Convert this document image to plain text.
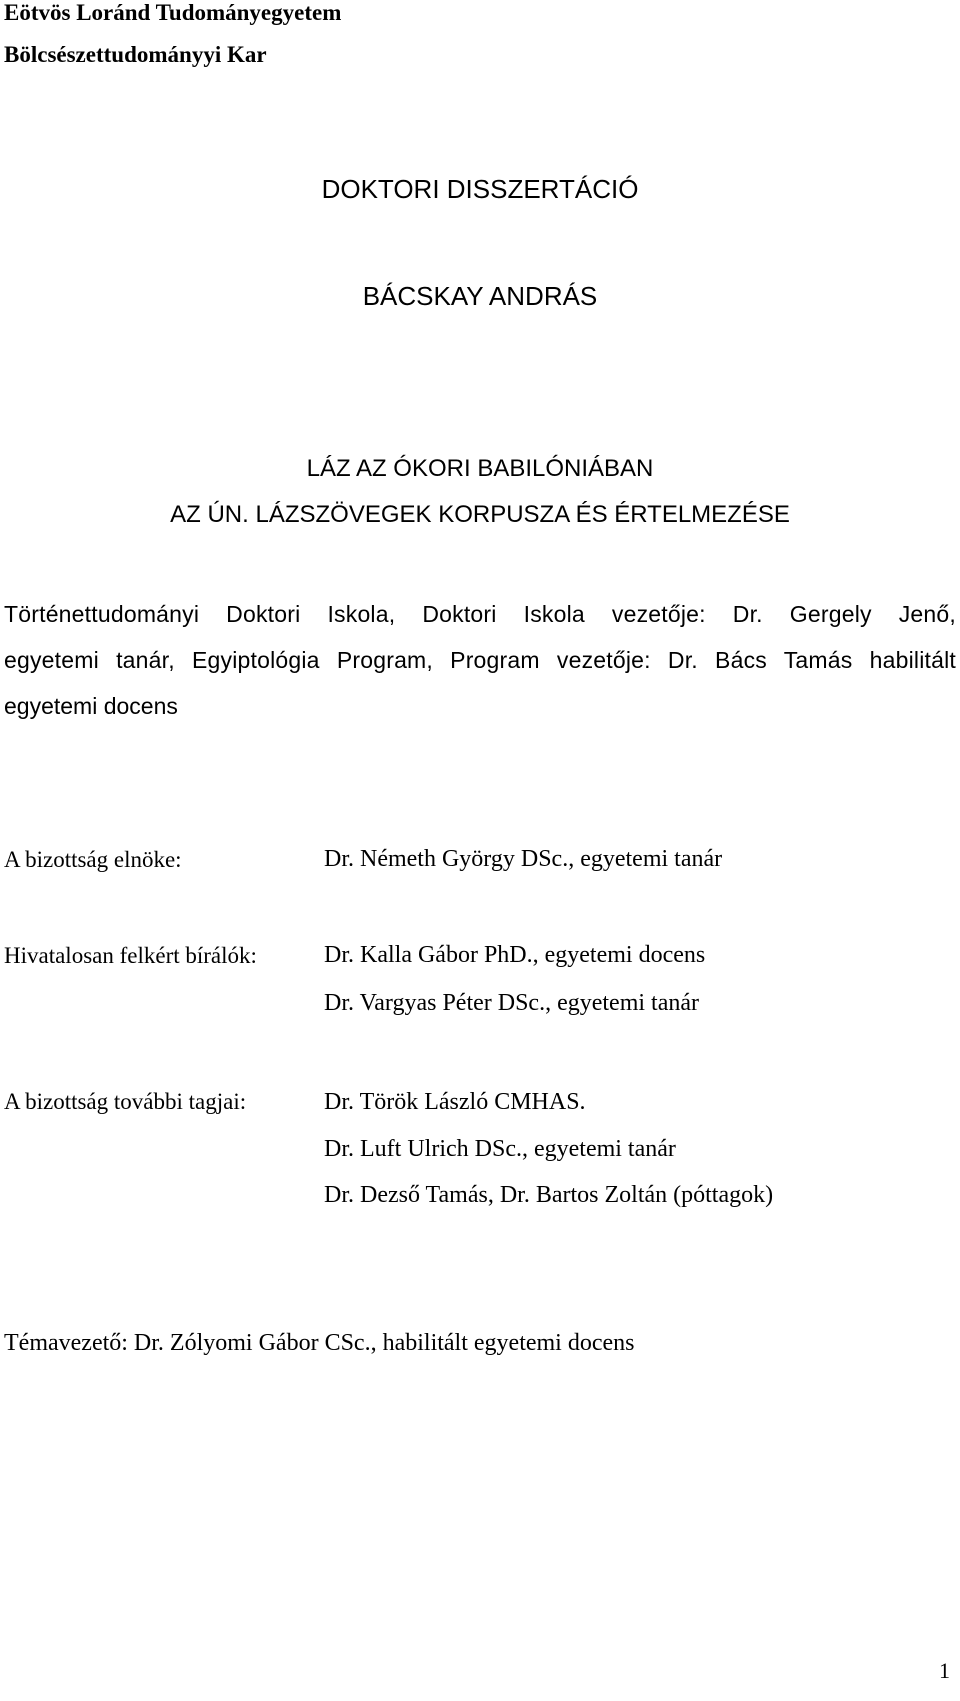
Eötvös Loránd Tudományegyetem
Bölcsészettudományyi Kar
DOKTORI DISSZERTÁCIÓ
BÁCSKAY ANDRÁS
LÁZ AZ ÓKORI BABILÓNIÁBAN
AZ ÚN. LÁZSZÖVEGEK KORPUSZA ÉS ÉRTELMEZÉSE
Történettudományi Doktori Iskola, Doktori Iskola vezetője: Dr. Gergely Jenő,
egyetemi tanár, Egyiptológia Program, Program vezetője: Dr. Bács Tamás habilitált
egyetemi docens
A bizottság elnöke:	Dr. Németh György DSc., egyetemi tanár
Hivatalosan felkért bírálók:	Dr. Kalla Gábor PhD., egyetemi docens
Dr. Vargyas Péter DSc., egyetemi tanár
A bizottság további tagjai:	Dr. Török László CMHAS.
Dr. Luft Ulrich DSc., egyetemi tanár
Dr. Dezső Tamás, Dr. Bartos Zoltán (póttagok)
Témavezető: Dr. Zólyomi Gábor CSc., habilitált egyetemi docens
1
